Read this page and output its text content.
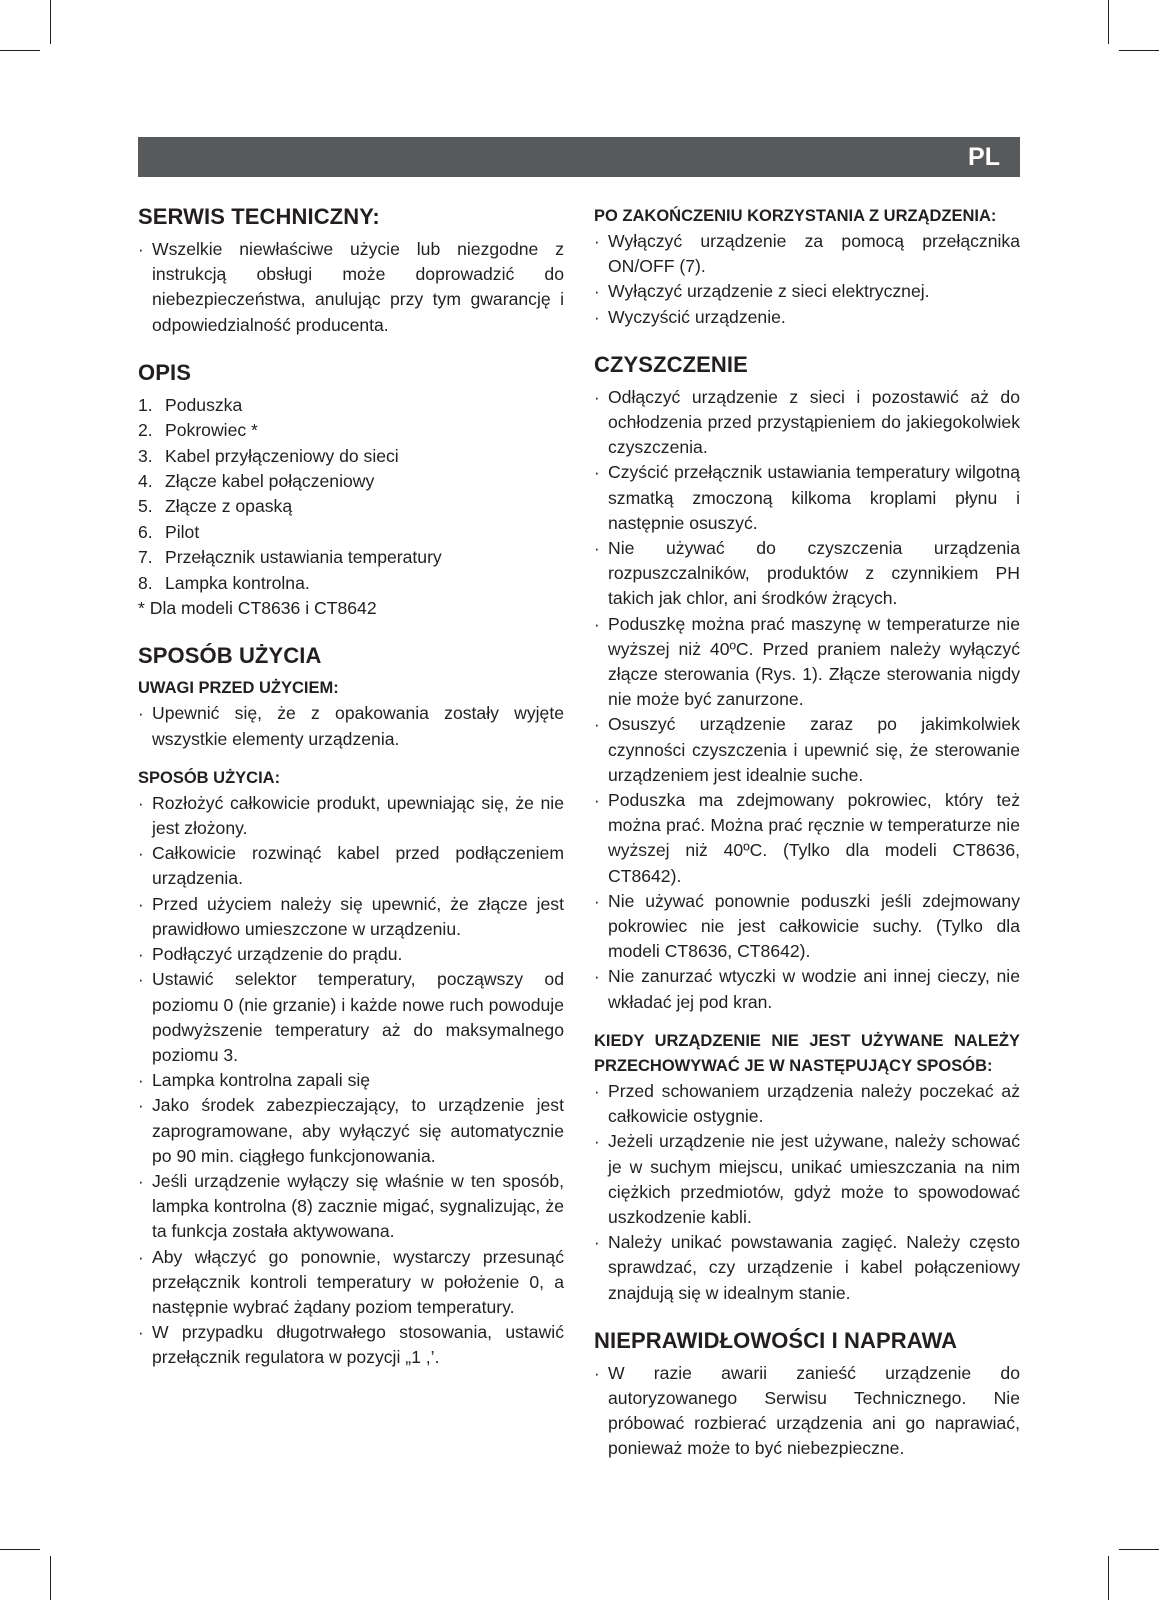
PL
SERWIS TECHNICZNY:
· Wszelkie niewłaściwe użycie lub niezgodne z instrukcją obsługi może doprowadzić do niebezpieczeństwa, anulując przy tym gwarancję i odpowiedzialność producenta.
OPIS
1. Poduszka
2. Pokrowiec *
3. Kabel przyłączeniowy do sieci
4. Złącze kabel połączeniowy
5. Złącze z opaską
6. Pilot
7. Przełącznik ustawiania temperatury
8. Lampka kontrolna.
* Dla modeli CT8636 i CT8642
SPOSÓB UŻYCIA
UWAGI PRZED UŻYCIEM:
· Upewnić się, że z opakowania zostały wyjęte wszystkie elementy urządzenia.
SPOSÓB UŻYCIA:
· Rozłożyć całkowicie produkt, upewniając się, że nie jest złożony.
· Całkowicie rozwinąć kabel przed podłączeniem urządzenia.
· Przed użyciem należy się upewnić, że złącze jest prawidłowo umieszczone w urządzeniu.
· Podłączyć urządzenie do prądu.
· Ustawić selektor temperatury, począwszy od poziomu 0 (nie grzanie) i każde nowe ruch powoduje podwyższenie temperatury aż do maksymalnego poziomu 3.
· Lampka kontrolna zapali się
· Jako środek zabezpieczający, to urządzenie jest zaprogramowane, aby wyłączyć się automatycznie po 90 min. ciągłego funkcjonowania.
· Jeśli urządzenie wyłączy się właśnie w ten sposób, lampka kontrolna (8) zacznie migać, sygnalizując, że ta funkcja została aktywowana.
· Aby włączyć go ponownie, wystarczy przesunąć przełącznik kontroli temperatury w położenie 0, a następnie wybrać żądany poziom temperatury.
· W przypadku długotrwałego stosowania, ustawić przełącznik regulatora w pozycji „1 ,’.
PO ZAKOŃCZENIU KORZYSTANIA Z URZĄDZENIA:
· Wyłączyć urządzenie za pomocą przełącznika ON/OFF (7).
· Wyłączyć urządzenie z sieci elektrycznej.
· Wyczyścić urządzenie.
CZYSZCZENIE
· Odłączyć urządzenie z sieci i pozostawić aż do ochłodzenia przed przystąpieniem do jakiegokolwiek czyszczenia.
· Czyścić przełącznik ustawiania temperatury wilgotną szmatką zmoczoną kilkoma kroplami płynu i następnie osuszyć.
· Nie używać do czyszczenia urządzenia rozpuszczalników, produktów z czynnikiem PH takich jak chlor, ani środków żrących.
· Poduszkę można prać maszynę w temperaturze nie wyższej niż 40ºC. Przed praniem należy wyłączyć złącze sterowania (Rys. 1). Złącze sterowania nigdy nie może być zanurzone.
· Osuszyć urządzenie zaraz po jakimkolwiek czynności czyszczenia i upewnić się, że sterowanie urządzeniem jest idealnie suche.
· Poduszka ma zdejmowany pokrowiec, który też można prać. Można prać ręcznie w temperaturze nie wyższej niż 40ºC. (Tylko dla modeli CT8636, CT8642).
· Nie używać ponownie poduszki jeśli zdejmowany pokrowiec nie jest całkowicie suchy. (Tylko dla modeli CT8636, CT8642).
· Nie zanurzać wtyczki w wodzie ani innej cieczy, nie wkładać jej pod kran.
KIEDY URZĄDZENIE NIE JEST UŻYWANE NALEŻY PRZECHOWYWAĆ JE W NASTĘPUJĄCY SPOSÓB:
· Przed schowaniem urządzenia należy poczekać aż całkowicie ostygnie.
· Jeżeli urządzenie nie jest używane, należy schować je w suchym miejscu, unikać umieszczania na nim ciężkich przedmiotów, gdyż może to spowodować uszkodzenie kabli.
· Należy unikać powstawania zagięć. Należy często sprawdzać, czy urządzenie i kabel połączeniowy znajdują się w idealnym stanie.
NIEPRAWIDŁOWOŚCI I NAPRAWA
· W razie awarii zanieść urządzenie do autoryzowanego Serwisu Technicznego. Nie próbować rozbierać urządzenia ani go naprawiać, ponieważ może to być niebezpieczne.
